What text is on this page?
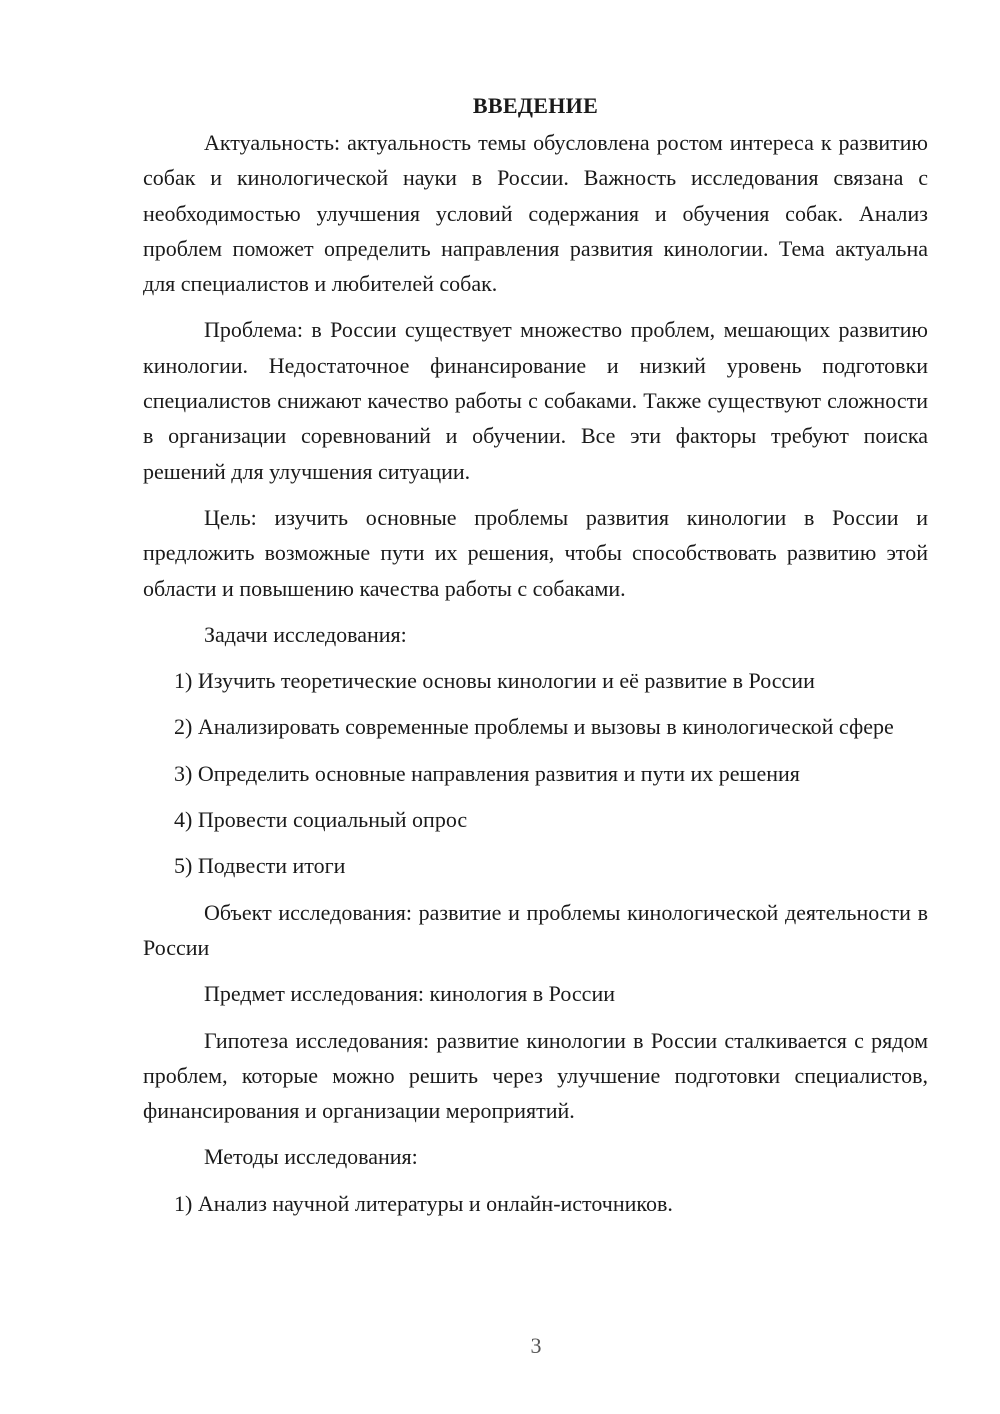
ВВЕДЕНИЕ

Актуальность: актуальность темы обусловлена ростом интереса к развитию собак и кинологической науки в России. Важность исследования связана с необходимостью улучшения условий содержания и обучения собак. Анализ проблем поможет определить направления развития кинологии. Тема актуальна для специалистов и любителей собак.

Проблема: в России существует множество проблем, мешающих развитию кинологии. Недостаточное финансирование и низкий уровень подготовки специалистов снижают качество работы с собаками. Также существуют сложности в организации соревнований и обучении. Все эти факторы требуют поиска решений для улучшения ситуации.

Цель: изучить основные проблемы развития кинологии в России и предложить возможные пути их решения, чтобы способствовать развитию этой области и повышению качества работы с собаками.

Задачи исследования:

1) Изучить теоретические основы кинологии и её развитие в России

2) Анализировать современные проблемы и вызовы в кинологической сфере

3) Определить основные направления развития и пути их решения

4) Провести социальный опрос

5) Подвести итоги

Объект исследования: развитие и проблемы кинологической деятельности в России

Предмет исследования: кинология в России

Гипотеза исследования: развитие кинологии в России сталкивается с рядом проблем, которые можно решить через улучшение подготовки специалистов, финансирования и организации мероприятий.

Методы исследования:

1) Анализ научной литературы и онлайн-источников.

3
